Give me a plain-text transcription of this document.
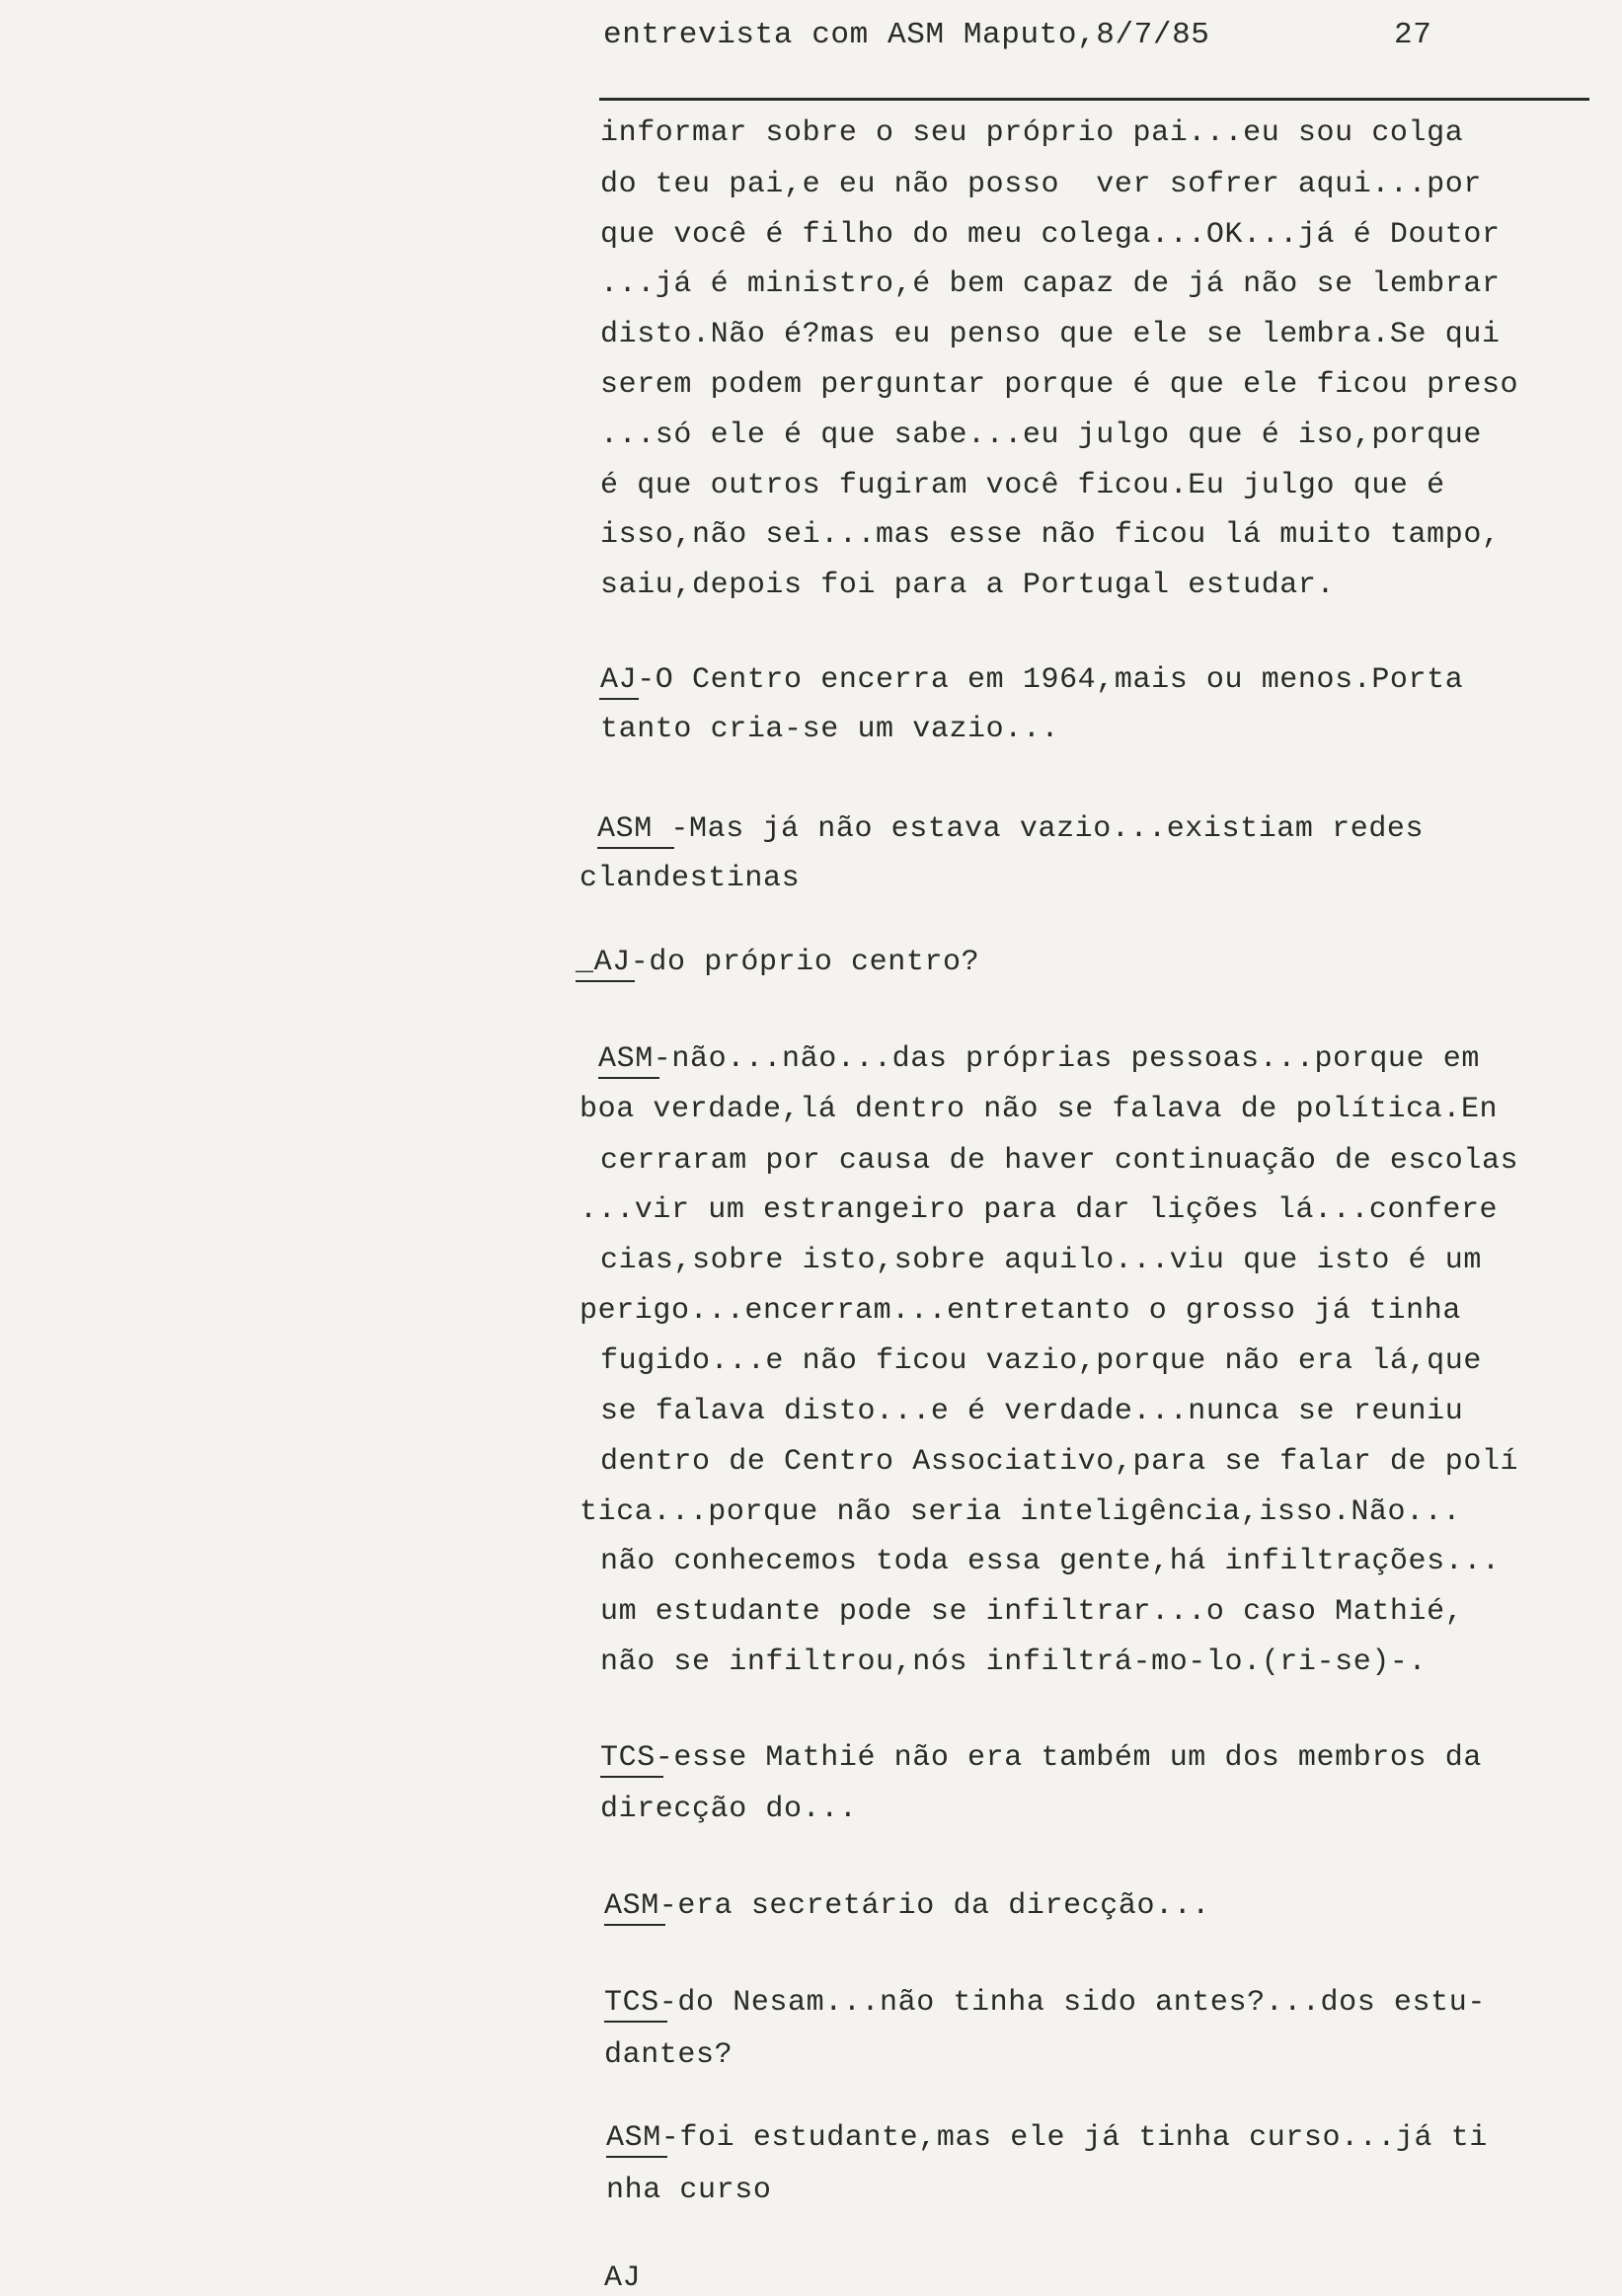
entrevista com ASM Maputo,8/7/85	27
informar sobre o seu próprio pai...eu sou colga
do teu pai,e eu não posso  ver sofrer aqui...por
que você é filho do meu colega...OK...já é Doutor
...já é ministro,é bem capaz de já não se lembrar
disto.Não é?mas eu penso que ele se lembra.Se qui
serem podem perguntar porque é que ele ficou preso
...só ele é que sabe...eu julgo que é iso,porque
é que outros fugiram você ficou.Eu julgo que é
isso,não sei...mas esse não ficou lá muito tampo,
saiu,depois foi para a Portugal estudar.
AJ-O Centro encerra em 1964,mais ou menos.Porta
tanto cria-se um vazio...
ASM -Mas já não estava vazio...existiam redes
clandestinas
_AJ-do próprio centro?
ASM-não...não...das próprias pessoas...porque em
boa verdade,lá dentro não se falava de política.En
cerraram por causa de haver continuação de escolas
...vir um estrangeiro para dar lições lá...confere
cias,sobre isto,sobre aquilo...viu que isto é um
perigo...encerram...entretanto o grosso já tinha
fugido...e não ficou vazio,porque não era lá,que
se falava disto...e é verdade...nunca se reuniu
dentro de Centro Associativo,para se falar de polí
tica...porque não seria inteligência,isso.Não...
não conhecemos toda essa gente,há infiltrações...
um estudante pode se infiltrar...o caso Mathié,
não se infiltrou,nós infiltrá-mo-lo.(ri-se)-.
TCS-esse Mathié não era também um dos membros da
direcção do...
ASM-era secretário da direcção...
TCS-do Nesam...não tinha sido antes?...dos estu-
dantes?
ASM-foi estudante,mas ele já tinha curso...já ti
nha curso
AJ
